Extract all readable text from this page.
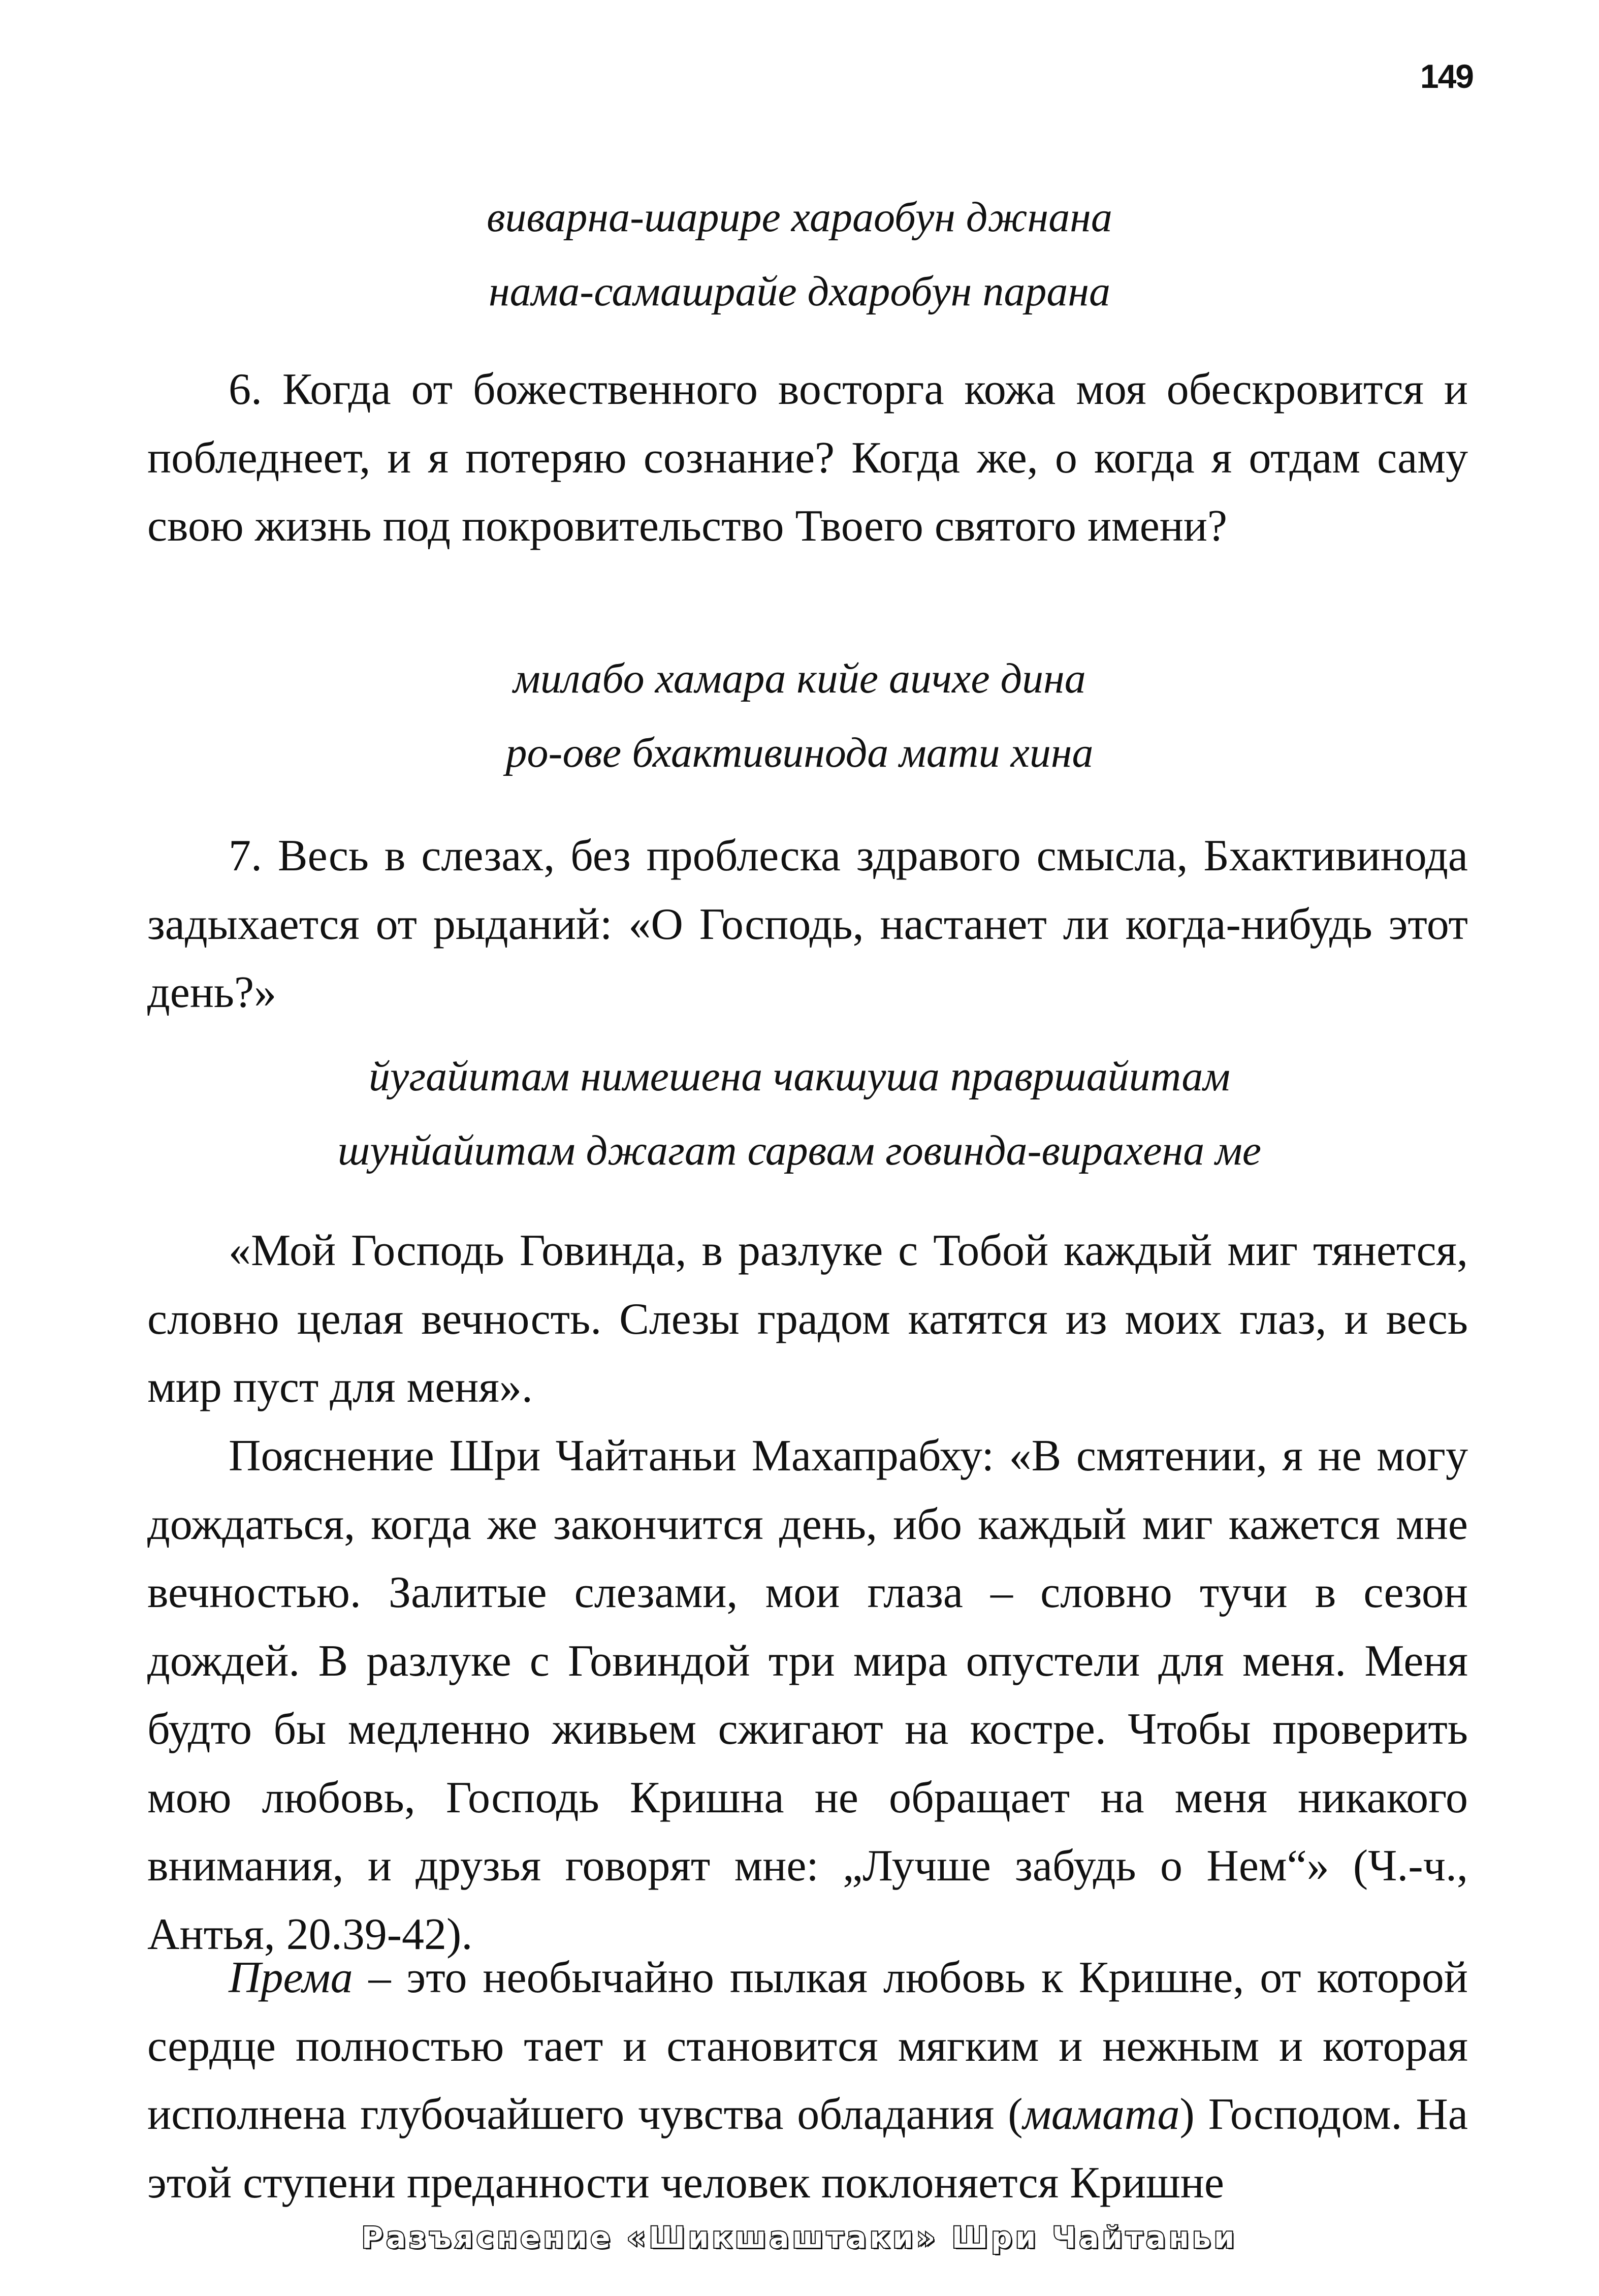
149
виварна-шарире хараобун джнана
нама-самашрайе дхаробун парана

6. Когда от божественного восторга кожа моя обескровится и побледнеет, и я потеряю сознание? Когда же, о когда я отдам саму свою жизнь под покровительство Твоего святого имени?

милабо хамара кийе аичхе дина
ро-ове бхактивинода мати хина

7. Весь в слезах, без проблеска здравого смысла, Бхактивинода задыхается от рыданий: «О Господь, настанет ли когда-нибудь этот день?»

йугайитам нимешена чакшуша правршайитам
шунйайитам джагат сарвам говинда-вирахена ме

«Мой Господь Говинда, в разлуке с Тобой каждый миг тянется, словно целая вечность. Слезы градом катятся из моих глаз, и весь мир пуст для меня».

Пояснение Шри Чайтаньи Махапрабху: «В смятении, я не могу дождаться, когда же закончится день, ибо каждый миг кажется мне вечностью. Залитые слезами, мои глаза – словно тучи в сезон дождей. В разлуке с Говиндой три мира опустели для меня. Меня будто бы медленно живьем сжигают на костре. Чтобы проверить мою любовь, Господь Кришна не обращает на меня никакого внимания, и друзья говорят мне: „Лучше забудь о Нем“» (Ч.-ч., Антья, 20.39-42).

Према – это необычайно пылкая любовь к Кришне, от которой сердце полностью тает и становится мягким и нежным и которая исполнена глубочайшего чувства обладания (мамата) Господом. На этой ступени преданности человек поклоняется Кришне

Разъяснение «Шикшаштаки» Шри Чайтаньи
